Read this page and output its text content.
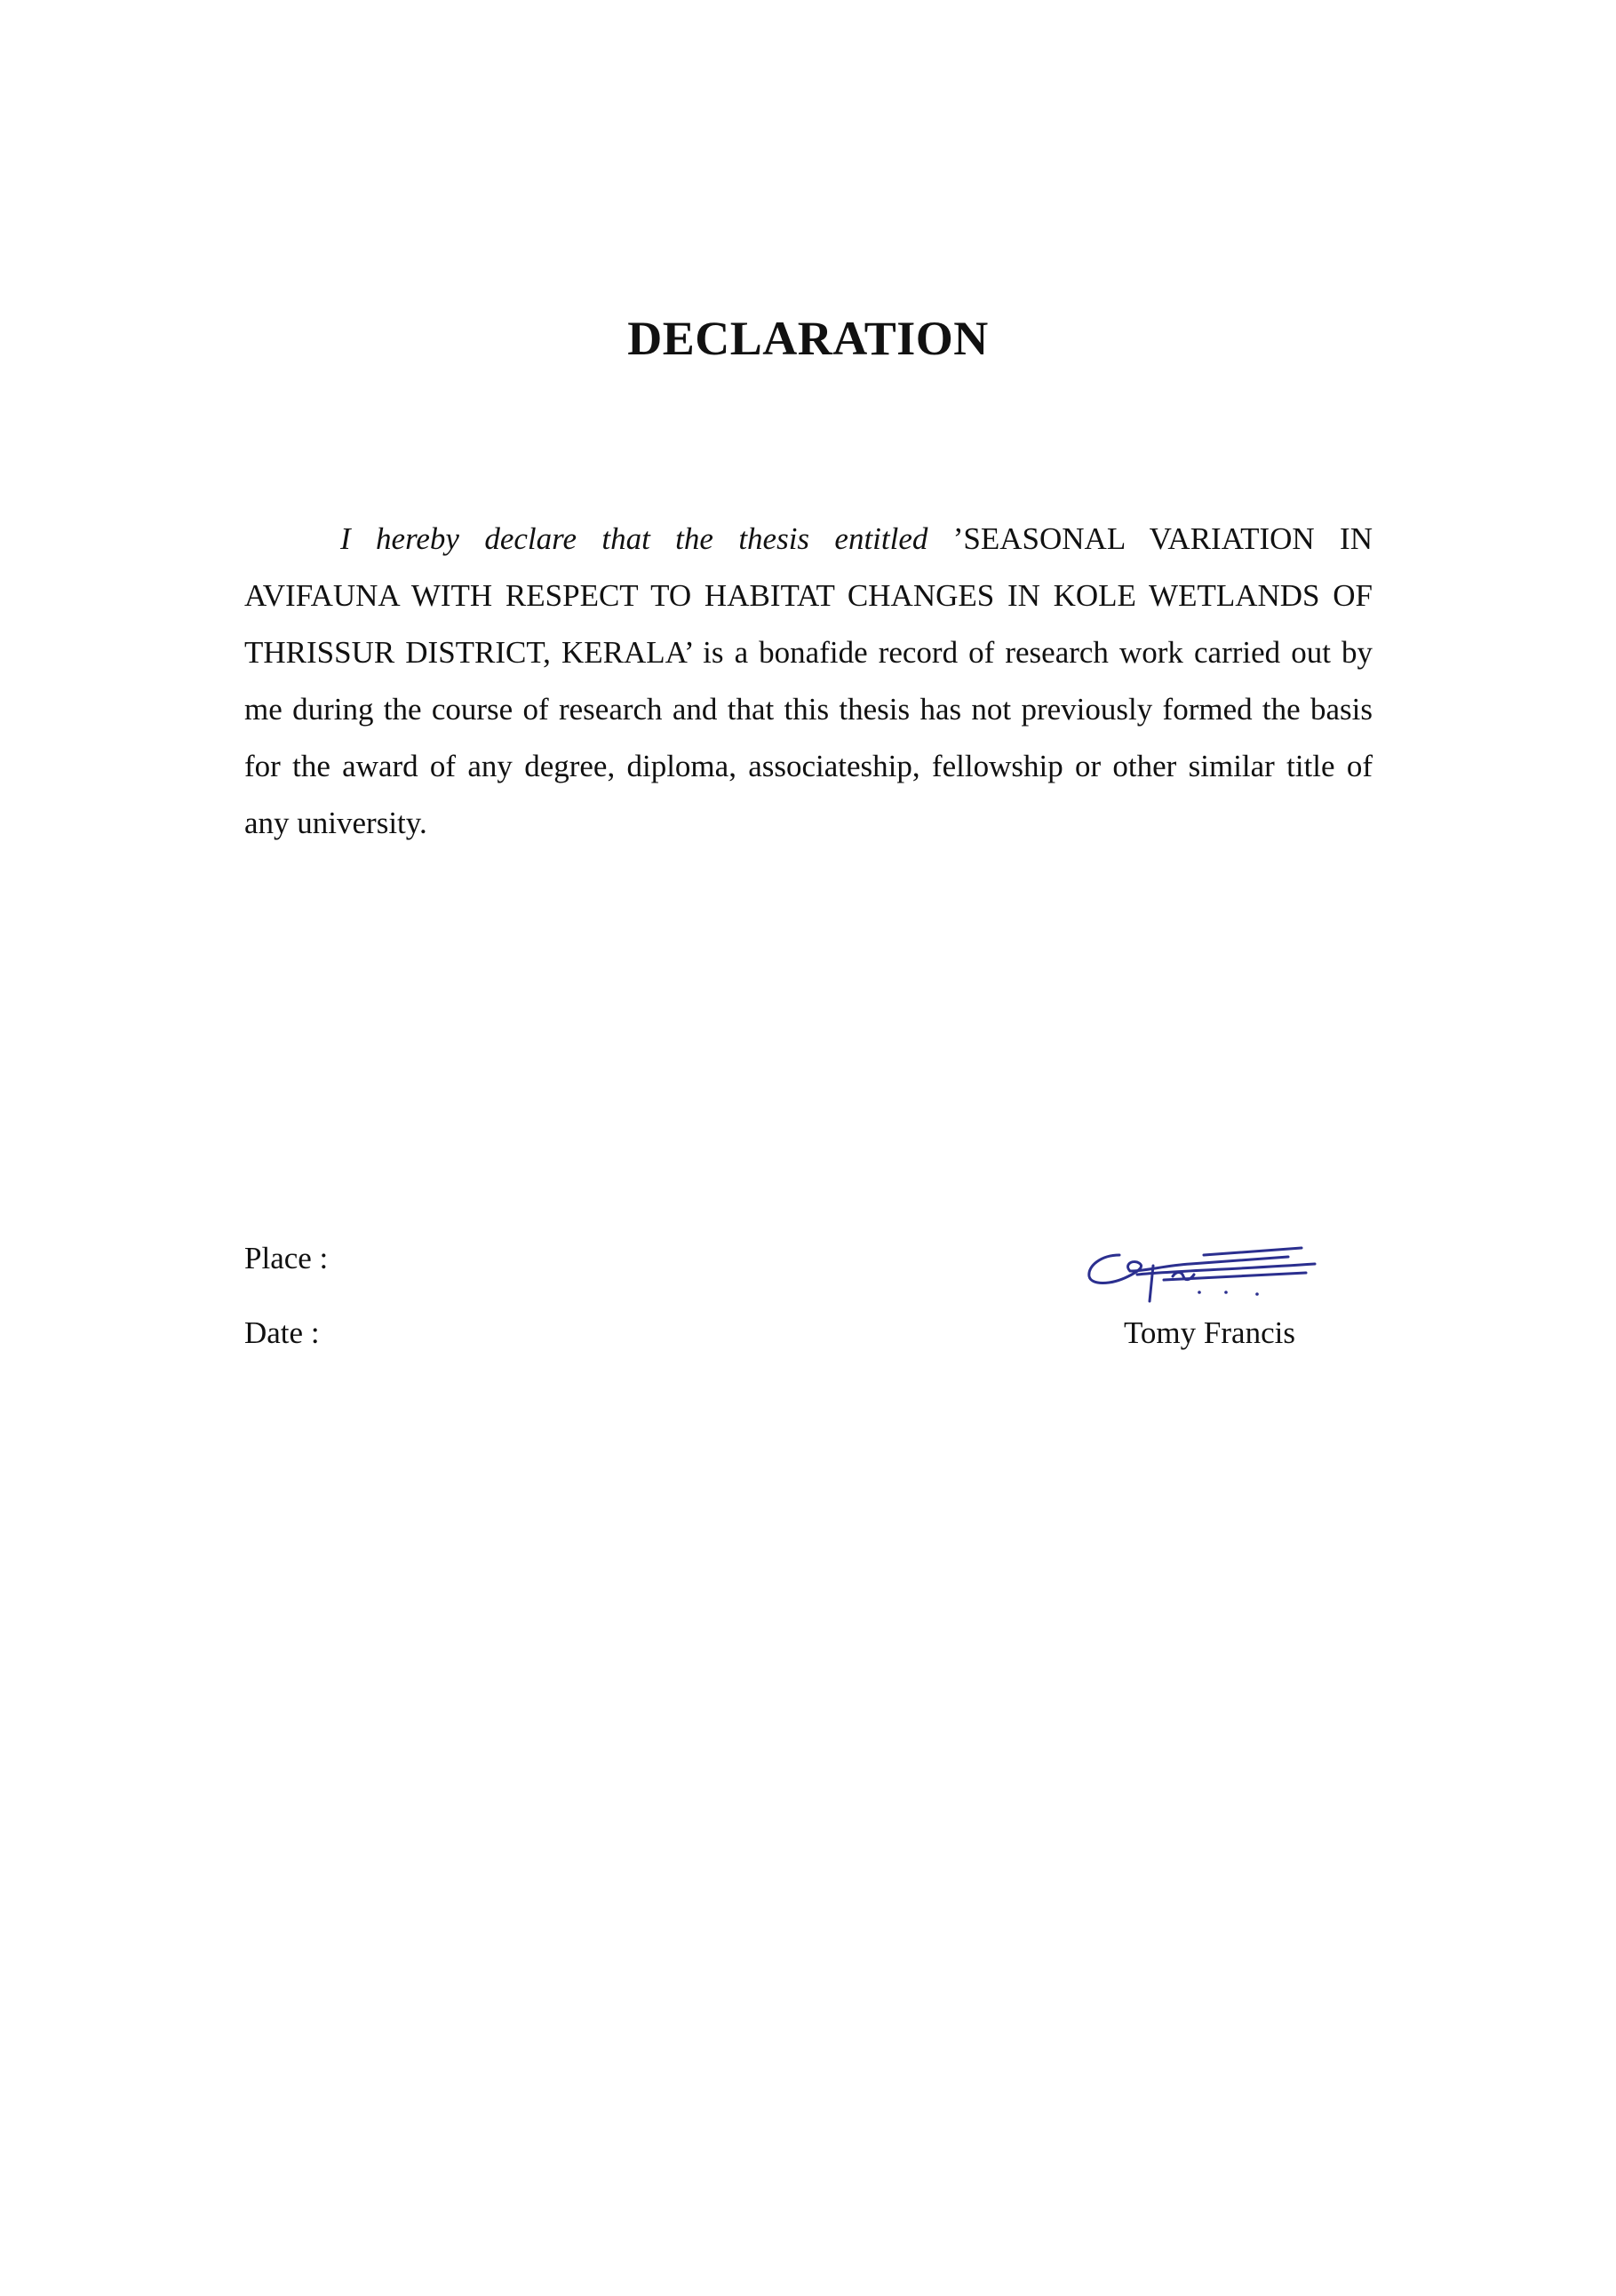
DECLARATION

I hereby declare that the thesis entitled ’SEASONAL VARIATION IN AVIFAUNA WITH RESPECT TO HABITAT CHANGES IN KOLE WETLANDS OF THRISSUR DISTRICT, KERALA’ is a bonafide record of research work carried out by me during the course of research and that this thesis has not previously formed the basis for the award of any degree, diploma, associateship, fellowship or other similar title of any university.

Place :
Date :	Tomy Francis
